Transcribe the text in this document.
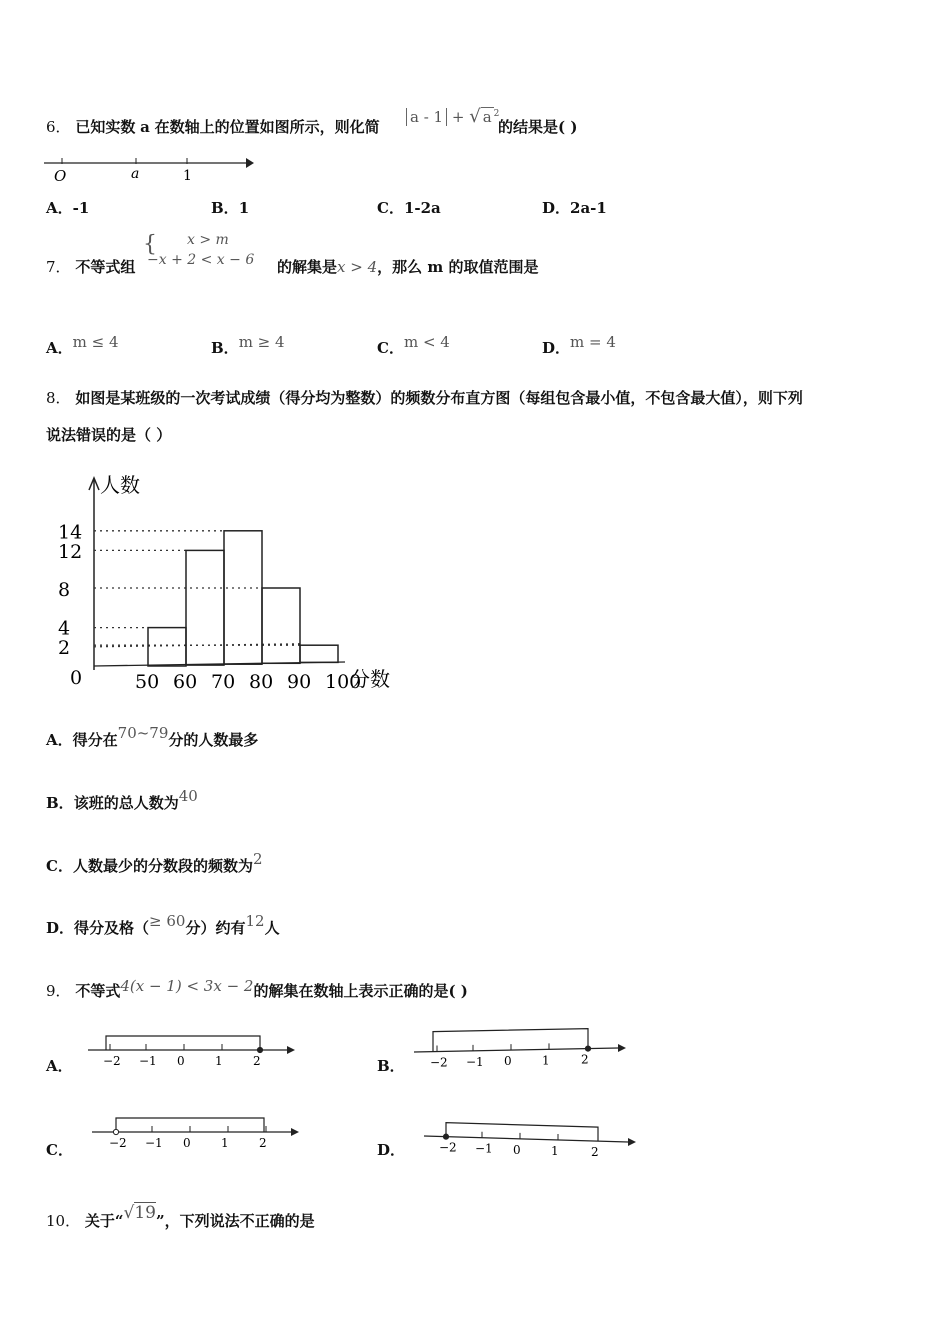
6． 已知实数 a 在数轴上的位置如图所示，则化简
a - 1 + √ a $^2$
的结果是( )
O	a	1
A．-1	B．1	C．1-2a	D．2a-1
7． 不等式组
{ x > m
−x + 2 < x − 6 的解集是x > 4，那么 m 的取值范围是
A．m ≤ 4	B．m ≥ 4	C．m < 4	D．m = 4
8． 如图是某班级的一次考试成绩（得分均为整数）的频数分布直方图（每组包含最小值，不包含最大值），则下列
说法错误的是（ ）
人数
分数
0	50 60 70 80 90 100
2
4
8
12
14
A．得分在70~79分的人数最多
B．该班的总人数为40
C．人数最少的分数段的频数为2
D．得分及格（≥ 60分）约有12人
9． 不等式4(x − 1) < 3x − 2的解集在数轴上表示正确的是( )
A．	−2 −1 0	1	2	B． −2 −1 0	1	2
C．	−2 −1 0	1	2	D．	−2 −1 0	1	2
10． 关于“√19”，下列说法不正确的是
